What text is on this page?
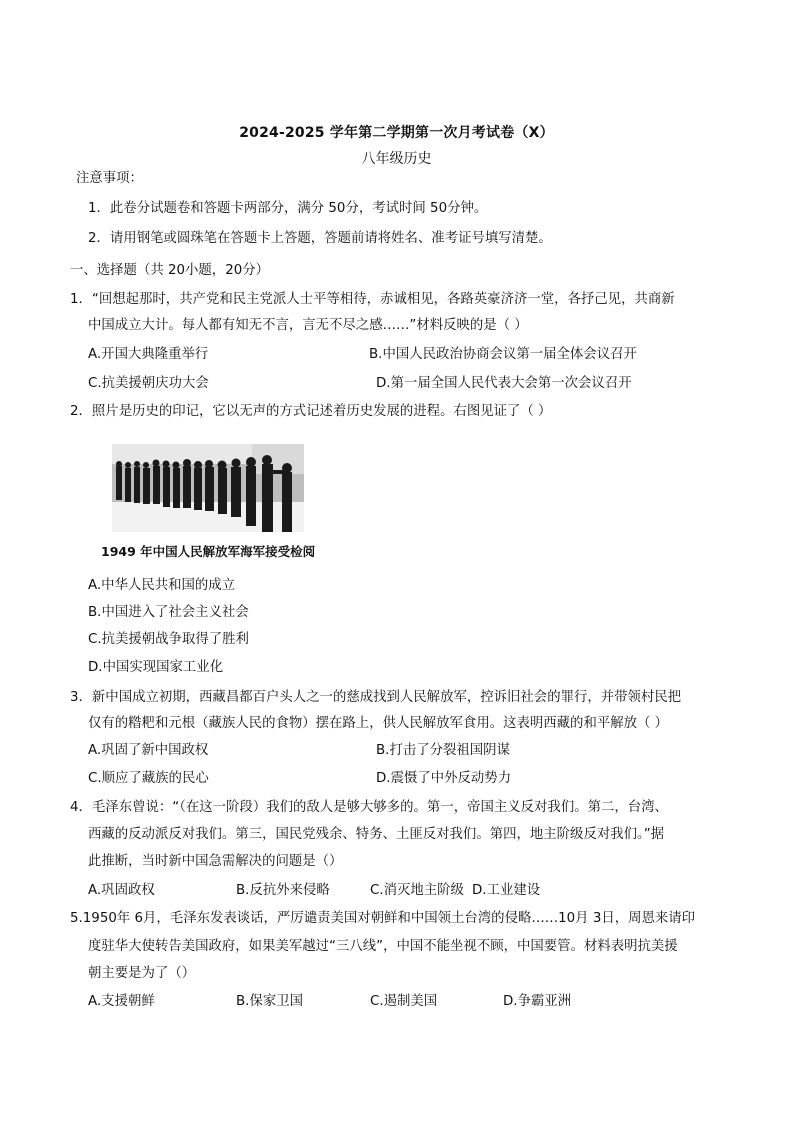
2024-2025 学年第二学期第一次月考试卷（X）
八年级历史
注意事项：
1．此卷分试题卷和答题卡两部分，满分 50分，考试时间 50分钟。
2．请用钢笔或圆珠笔在答题卡上答题，答题前请将姓名、准考证号填写清楚。
一、选择题（共 20小题，20分）
1．“回想起那时，共产党和民主党派人士平等相待，赤诚相见，各路英豪济济一堂，各抒己见，共商新
中国成立大计。每人都有知无不言，言无不尽之感……”材料反映的是（ ）
A.开国大典隆重举行	B.中国人民政治协商会议第一届全体会议召开
C.抗美援朝庆功大会	D.第一届全国人民代表大会第一次会议召开
2．照片是历史的印记，它以无声的方式记述着历史发展的进程。右图见证了（ ）
1949 年中国人民解放军海军接受检阅
A.中华人民共和国的成立
B.中国进入了社会主义社会
C.抗美援朝战争取得了胜利
D.中国实现国家工业化
3．新中国成立初期，西藏昌都百户头人之一的慈成找到人民解放军，控诉旧社会的罪行，并带领村民把
仅有的糌粑和元根（藏族人民的食物）摆在路上，供人民解放军食用。这表明西藏的和平解放（ ）
A.巩固了新中国政权	B.打击了分裂祖国阴谋
C.顺应了藏族的民心	D.震慑了中外反动势力
4．毛泽东曾说：“（在这一阶段）我们的敌人是够大够多的。第一，帝国主义反对我们。第二，台湾、
西藏的反动派反对我们。第三，国民党残余、特务、土匪反对我们。第四，地主阶级反对我们。”据
此推断，当时新中国急需解决的问题是（）
A.巩固政权	B.反抗外来侵略	C.消灭地主阶级 D.工业建设
5.1950年 6月，毛泽东发表谈话，严厉谴责美国对朝鲜和中国领土台湾的侵略……10月 3日，周恩来请印
度驻华大使转告美国政府，如果美军越过“三八线”，中国不能坐视不顾，中国要管。材料表明抗美援
朝主要是为了（）
A.支援朝鲜	B.保家卫国	C.遏制美国	D.争霸亚洲
